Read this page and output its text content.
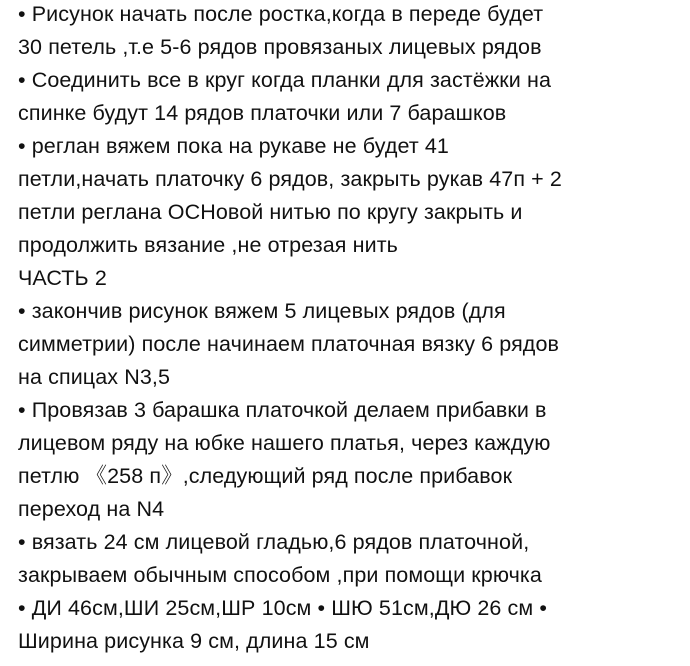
• Рисунок начать после ростка,когда в переде будет
30 петель ,т.е 5-6 рядов провязаных лицевых рядов
• Соединить все в круг когда планки для застёжки на
спинке будут 14 рядов платочки или 7 барашков
• реглан вяжем пока на рукаве не будет 41
петли,начать платочку 6 рядов, закрыть рукав 47п + 2
петли реглана ОСНовой нитью по кругу закрыть и
продолжить вязание ,не отрезая нить
ЧАСТЬ 2
• закончив рисунок вяжем 5 лицевых рядов (для
симметрии) после начинаем платочная вязку 6 рядов
на спицах N3,5
• Провязав 3 барашка платочкой делаем прибавки в
лицевом ряду на юбке нашего платья, через каждую
петлю 《258 п》,следующий ряд после прибавок
переход на N4
• вязать 24 см лицевой гладью,6 рядов платочной,
закрываем обычным способом ,при помощи крючка
• ДИ 46см,ШИ 25см,ШР 10см • ШЮ 51см,ДЮ 26 см •
Ширина рисунка 9 см, длина 15 см
